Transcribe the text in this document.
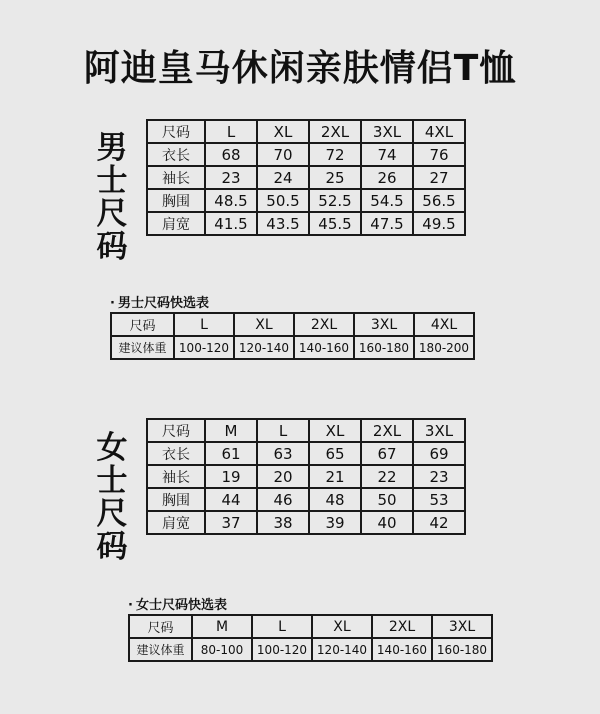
阿迪皇马休闲亲肤情侣T恤
男
士
尺
码
尺码	L	XL	2XL	3XL	4XL
衣长	68	70	72	74	76
袖长	23	24	25	26	27
胸围	48.5	50.5	52.5	54.5	56.5
肩宽	41.5	43.5	45.5	47.5	49.5
· 男士尺码快选表
尺码	L	XL	2XL	3XL	4XL
建议体重	100-120	120-140	140-160	160-180	180-200
女
士
尺
码
尺码	M	L	XL	2XL	3XL
衣长	61	63	65	67	69
袖长	19	20	21	22	23
胸围	44	46	48	50	53
肩宽	37	38	39	40	42
· 女士尺码快选表
尺码	M	L	XL	2XL	3XL
建议体重	80-100	100-120	120-140	140-160	160-180
